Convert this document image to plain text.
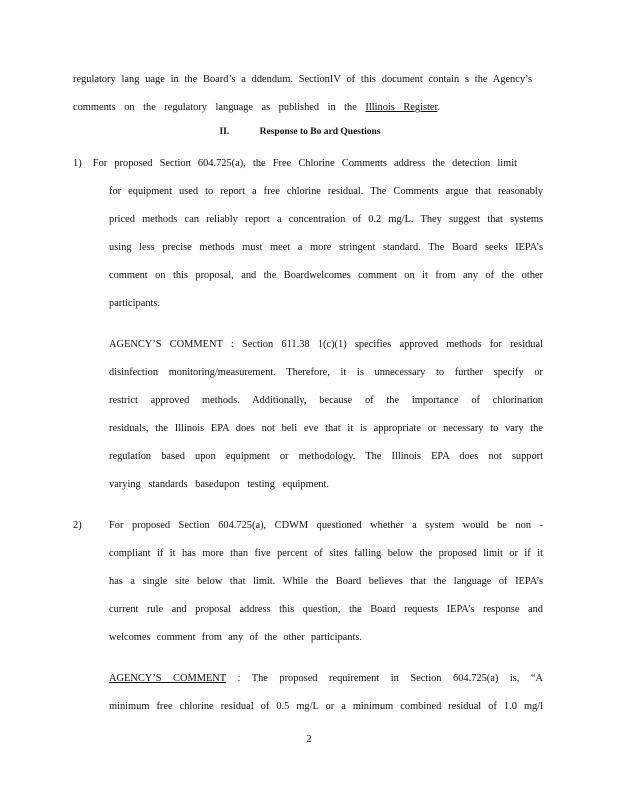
regulatory lang uage in the Board’s a ddendum. SectionIV of this document contain s the Agency’s
comments on the regulatory language as published in the Illinois Register.
II.	Response to Bo ard Questions
1) For proposed Section 604.725(a), the Free Chlorine Comments address the detection limit
for equipment used to report a free chlorine residual. The Comments argue that reasonably
priced methods can reliably report a concentration of 0.2 mg/L. They suggest that systems
using less precise methods must meet a more stringent standard. The Board seeks IEPA’s
comment on this proposal, and the Boardwelcomes comment on it from any of the other
participants.
AGENCY’S COMMENT : Section 611.38 1(c)(1) specifies approved methods for residual
disinfection monitoring/measurement. Therefore, it is unnecessary to further specify or
restrict approved methods. Additionally, because of the importance of chlorination
residuals, the Illinois EPA does not beli eve that it is appropriate or necessary to vary the
regulation based upon equipment or methodology. The Illinois EPA does not support
varying standards basedupon testing equipment.
2)	For proposed Section 604.725(a), CDWM questioned whether a system would be non -
compliant if it has more than five percent of sites falling below the proposed limit or if it
has a single site below that limit. While the Board believes that the language of IEPA’s
current rule and proposal address this question, the Board requests IEPA’s response and
welcomes comment from any of the other participants.
AGENCY’S COMMENT : The proposed requirement in Section 604.725(a) is, “A
minimum free chlorine residual of 0.5 mg/L or a minimum combined residual of 1.0 mg/l
2
